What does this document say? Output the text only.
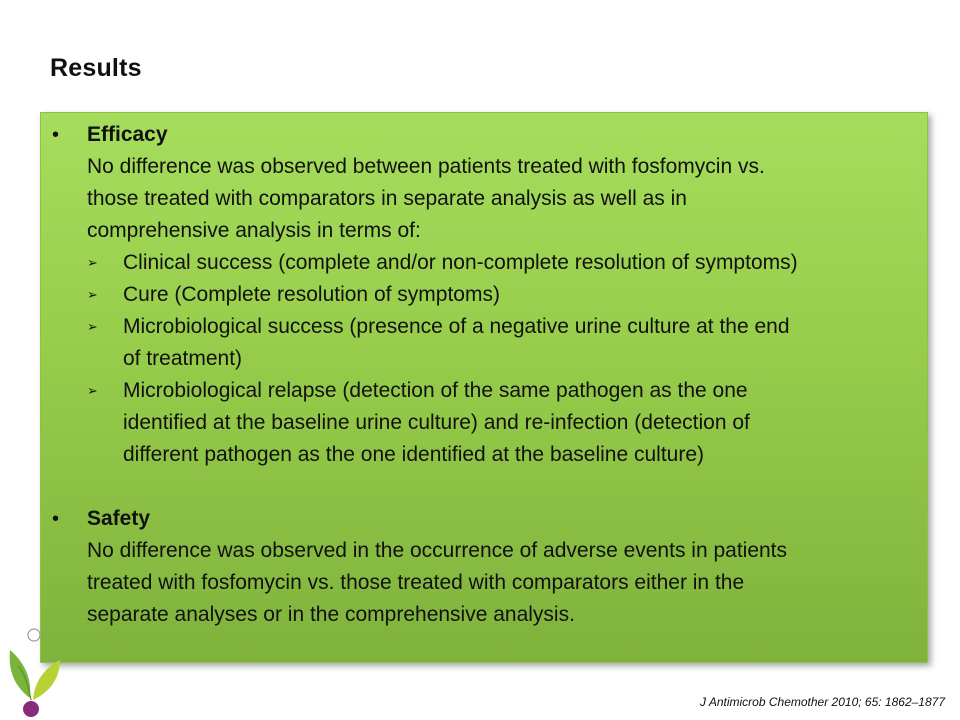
Results
• Efficacy
No difference was observed between patients treated with fosfomycin vs.
those treated with comparators in separate analysis as well as in
comprehensive analysis in terms of:
➢	Clinical success (complete and/or non-complete resolution of symptoms)
➢	Cure (Complete resolution of symptoms)
➢	Microbiological success (presence of a negative urine culture at the end
of treatment)
➢	Microbiological relapse (detection of the same pathogen as the one
identified at the baseline urine culture) and re-infection (detection of
different pathogen as the one identified at the baseline culture)
• Safety
No difference was observed in the occurrence of adverse events in patients
treated with fosfomycin vs. those treated with comparators either in the
separate analyses or in the comprehensive analysis.
J Antimicrob Chemother 2010; 65: 1862–1877
